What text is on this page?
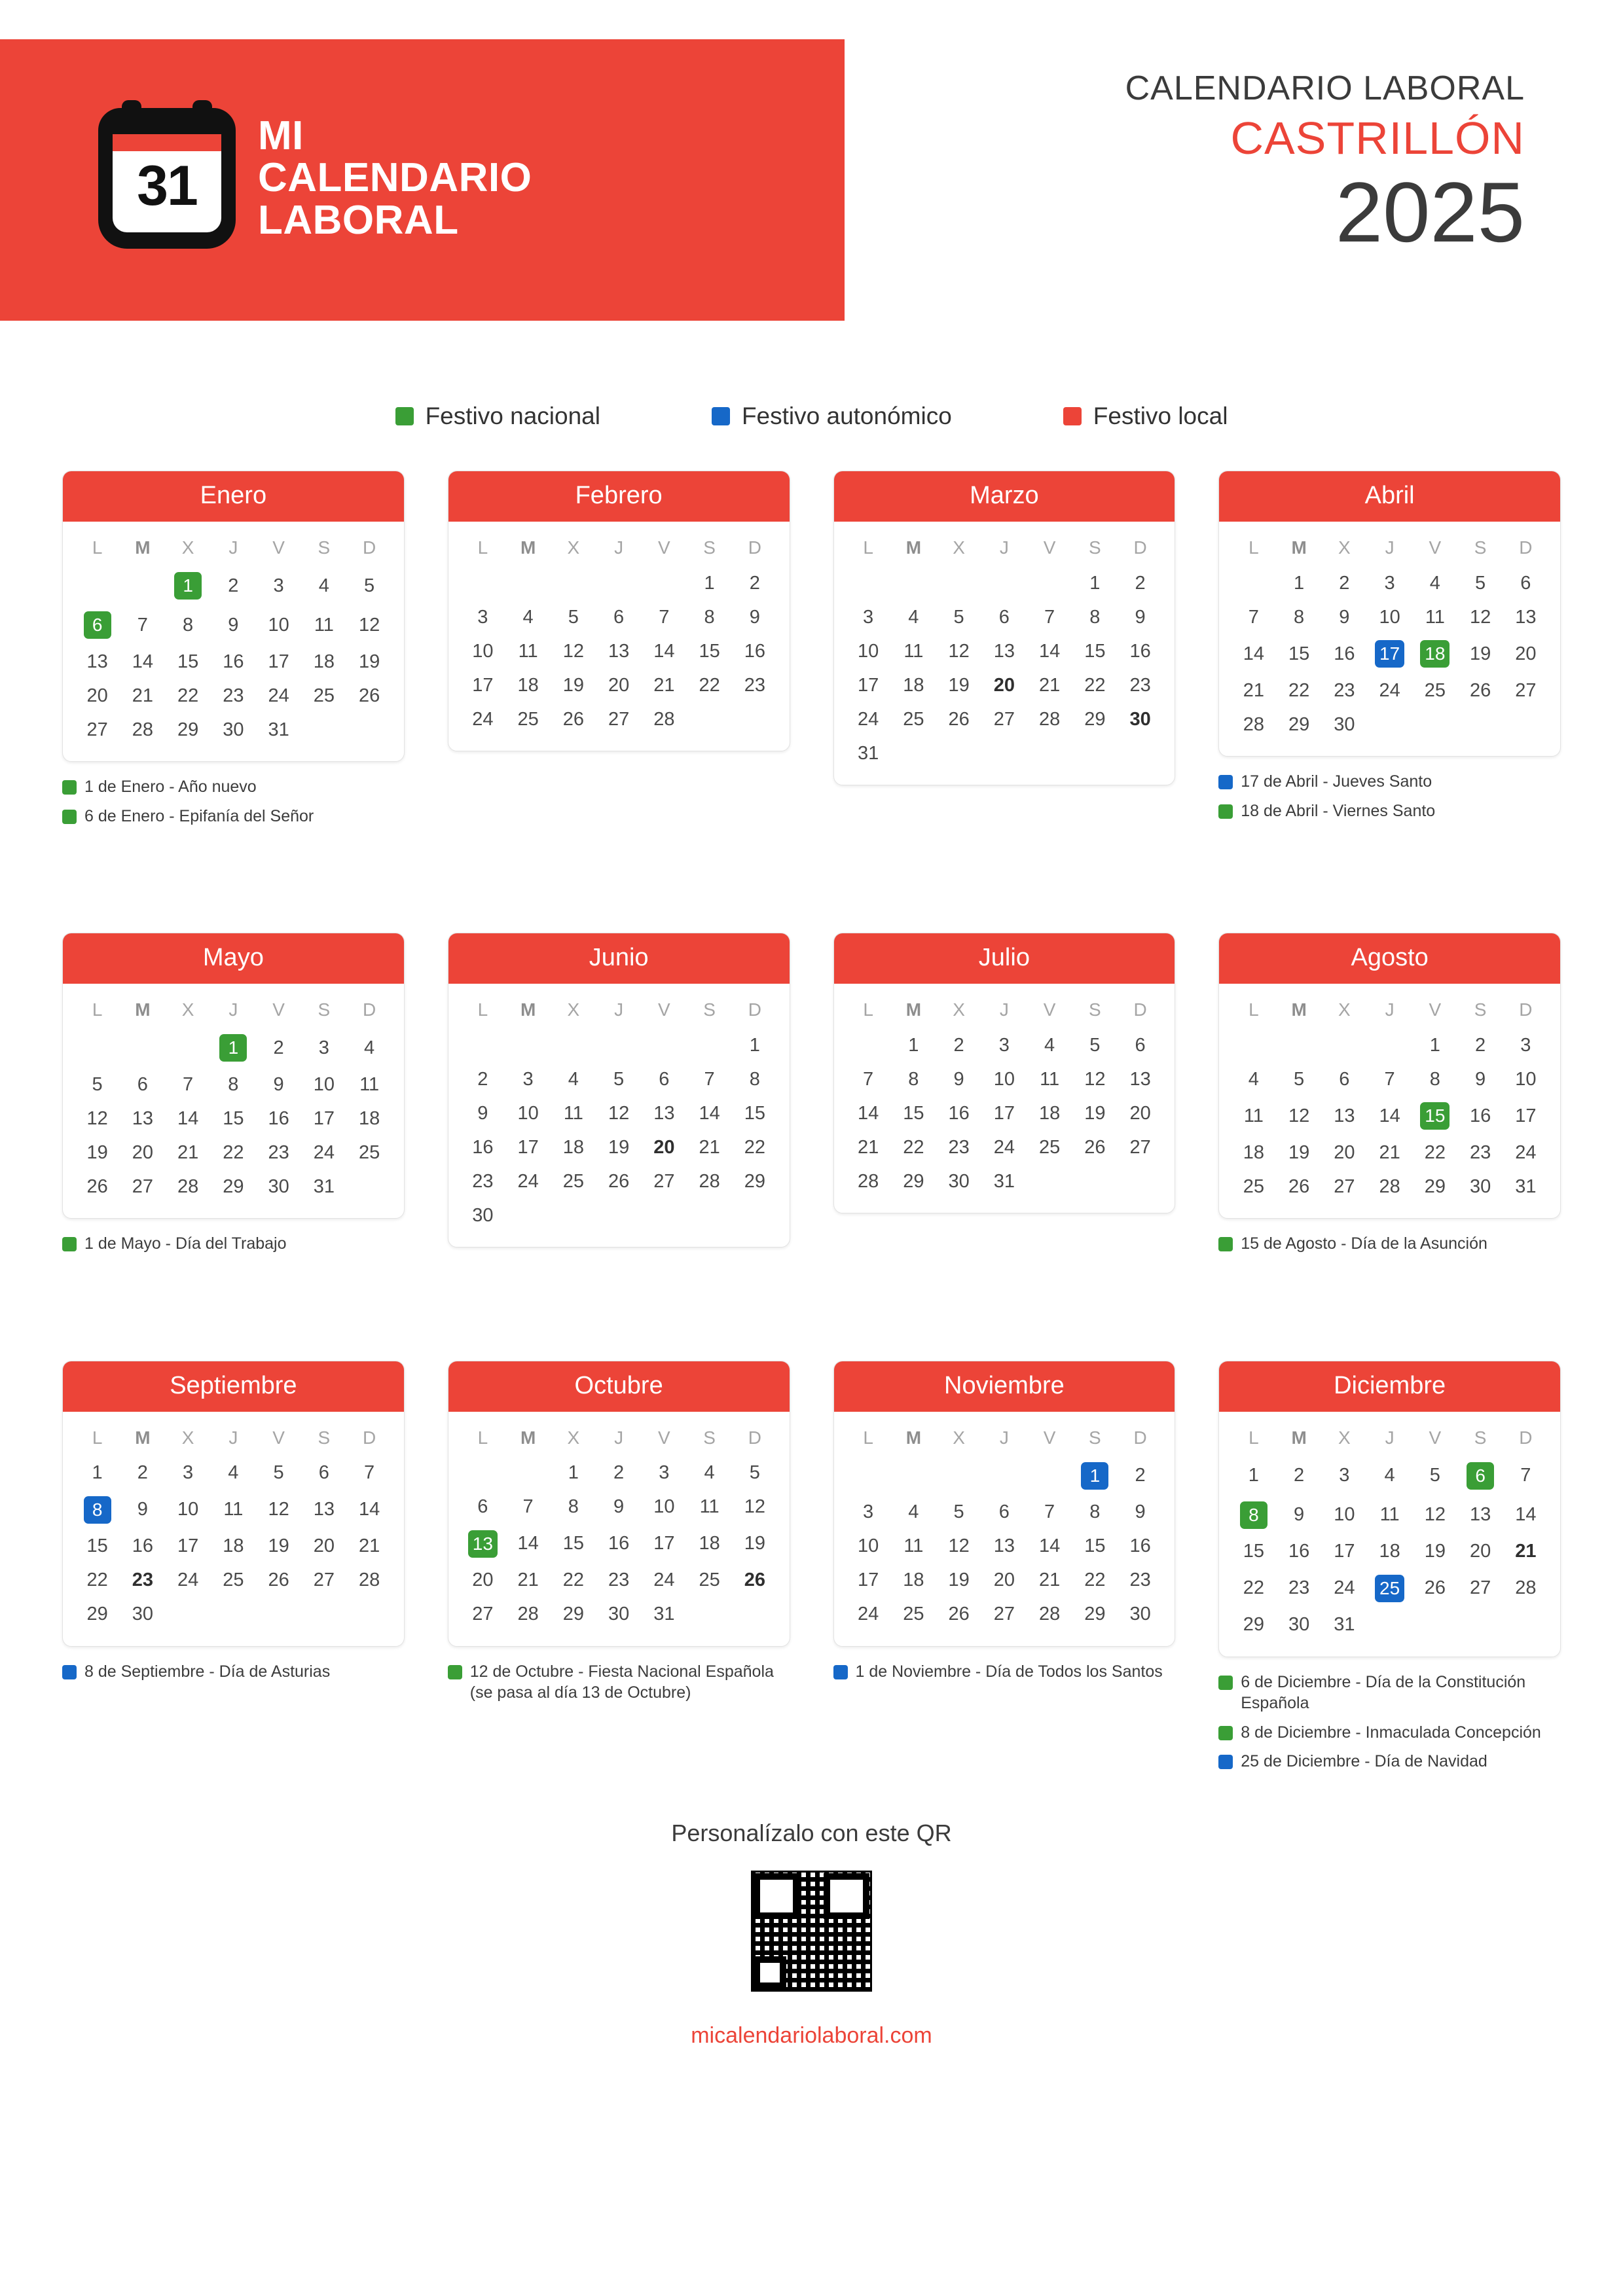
31
MI
CALENDARIO
LABORAL
CALENDARIO LABORAL
CASTRILLÓN
2025
Festivo nacional	Festivo autonómico	Festivo local
Enero
L	M	X	J	V	S	D
		1	2	3	4	5
6	7	8	9	10	11	12
13	14	15	16	17	18	19
20	21	22	23	24	25	26
27	28	29	30	31		
1 de Enero - Año nuevo
6 de Enero - Epifanía del Señor
Febrero
L	M	X	J	V	S	D
					1	2
3	4	5	6	7	8	9
10	11	12	13	14	15	16
17	18	19	20	21	22	23
24	25	26	27	28		
Marzo
L	M	X	J	V	S	D
					1	2
3	4	5	6	7	8	9
10	11	12	13	14	15	16
17	18	19	20	21	22	23
24	25	26	27	28	29	30
31						
Abril
L	M	X	J	V	S	D
	1	2	3	4	5	6
7	8	9	10	11	12	13
14	15	16	17	18	19	20
21	22	23	24	25	26	27
28	29	30				
17 de Abril - Jueves Santo
18 de Abril - Viernes Santo
Mayo
L	M	X	J	V	S	D
			1	2	3	4
5	6	7	8	9	10	11
12	13	14	15	16	17	18
19	20	21	22	23	24	25
26	27	28	29	30	31	
1 de Mayo - Día del Trabajo
Junio
L	M	X	J	V	S	D
						1
2	3	4	5	6	7	8
9	10	11	12	13	14	15
16	17	18	19	20	21	22
23	24	25	26	27	28	29
30						
Julio
L	M	X	J	V	S	D
	1	2	3	4	5	6
7	8	9	10	11	12	13
14	15	16	17	18	19	20
21	22	23	24	25	26	27
28	29	30	31			
Agosto
L	M	X	J	V	S	D
				1	2	3
4	5	6	7	8	9	10
11	12	13	14	15	16	17
18	19	20	21	22	23	24
25	26	27	28	29	30	31
15 de Agosto - Día de la Asunción
Septiembre
L	M	X	J	V	S	D
1	2	3	4	5	6	7
8	9	10	11	12	13	14
15	16	17	18	19	20	21
22	23	24	25	26	27	28
29	30					
8 de Septiembre - Día de Asturias
Octubre
L	M	X	J	V	S	D
		1	2	3	4	5
6	7	8	9	10	11	12
13	14	15	16	17	18	19
20	21	22	23	24	25	26
27	28	29	30	31		
12 de Octubre - Fiesta Nacional Española (se pasa al día 13 de Octubre)
Noviembre
L	M	X	J	V	S	D
					1	2
3	4	5	6	7	8	9
10	11	12	13	14	15	16
17	18	19	20	21	22	23
24	25	26	27	28	29	30
1 de Noviembre - Día de Todos los Santos
Diciembre
L	M	X	J	V	S	D
1	2	3	4	5	6	7
8	9	10	11	12	13	14
15	16	17	18	19	20	21
22	23	24	25	26	27	28
29	30	31				
6 de Diciembre - Día de la Constitución Española
8 de Diciembre - Inmaculada Concepción
25 de Diciembre - Día de Navidad
Personalízalo con este QR
micalendariolaboral.com
